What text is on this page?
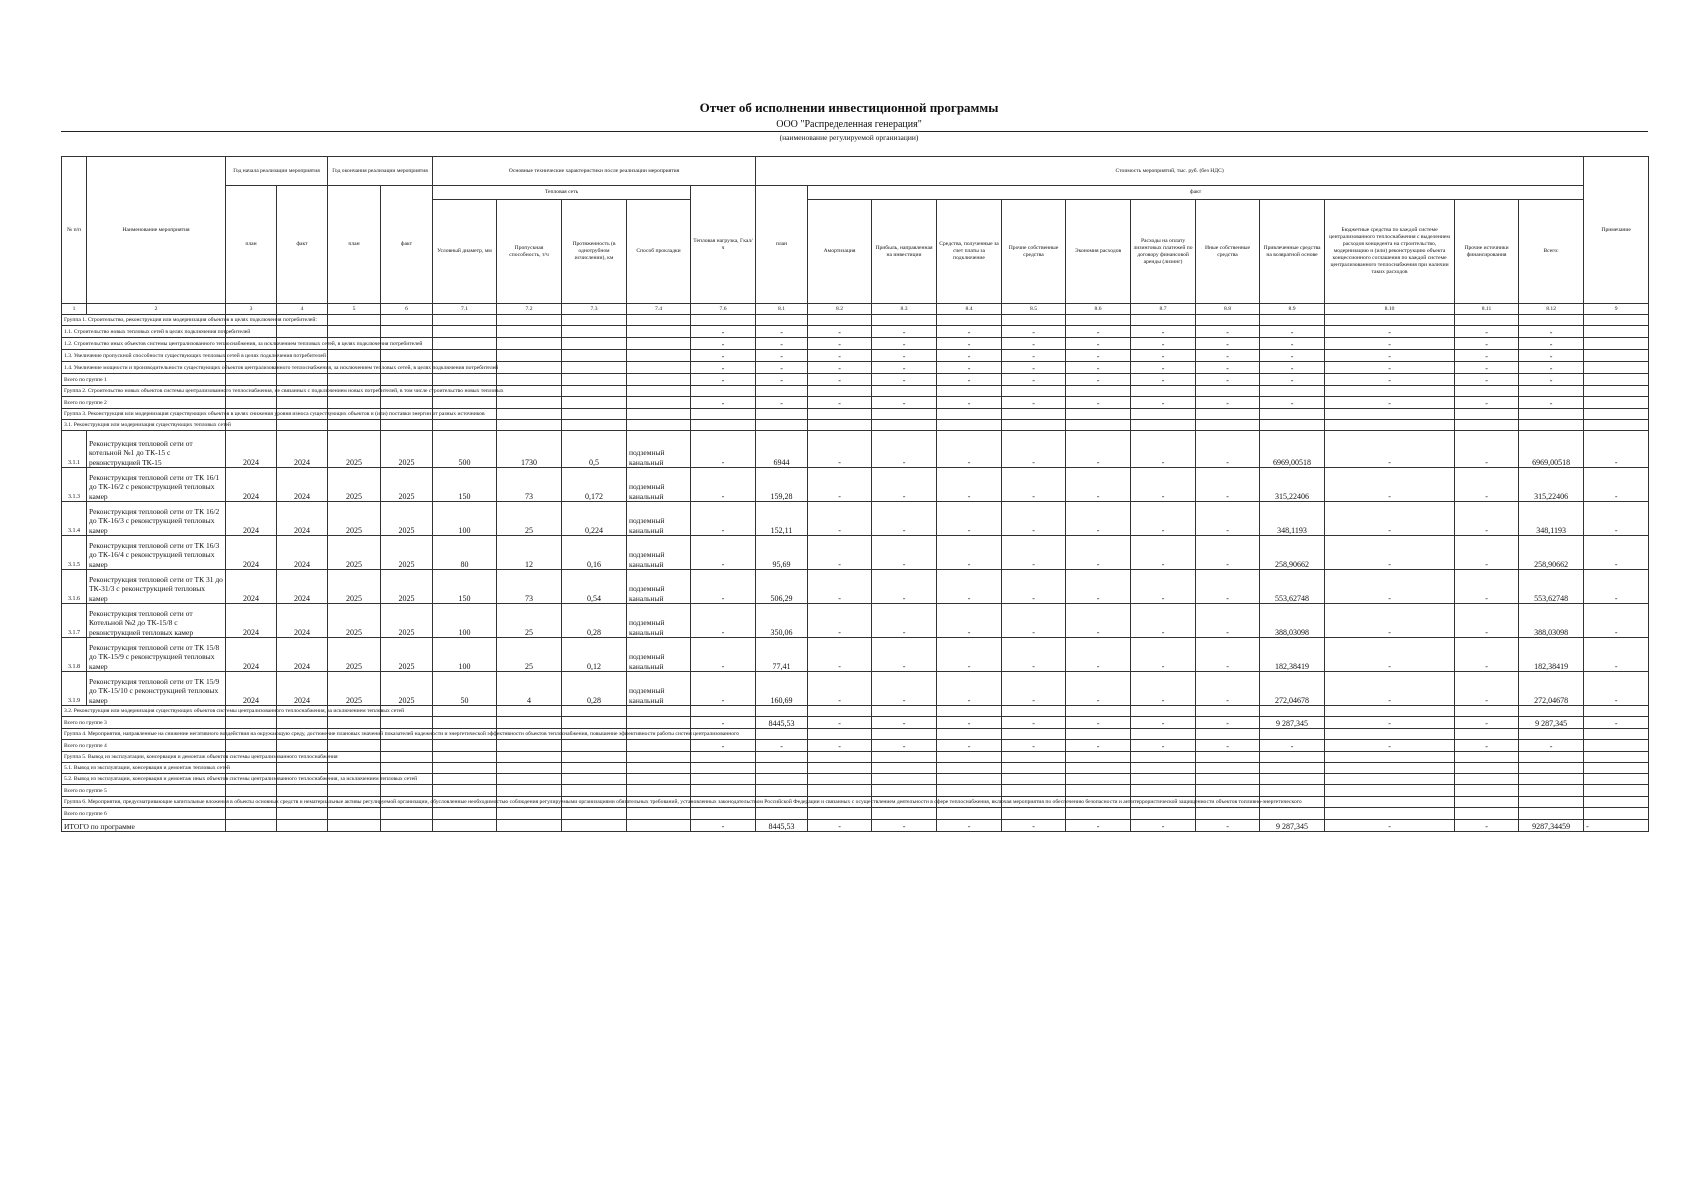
Отчет об исполнении инвестиционной программы
ООО "Распределенная генерация"
(наименование регулируемой организации)
№ п/п	Наименование мероприятия	Год начала реализации мероприятия		Год окончания реализации мероприятия		Основные технические характеристики после реализации мероприятия					Стоимость мероприятий, тыс. руб. (без НДС)												Примечание
		план	факт	план	факт	Тепловая сеть				Тепловая нагрузка, Гкал/ч	план	факт											
						Условный диаметр, мм	Пропускная способность, т/ч	Протяженность (в однотрубном исчислении), км	Способ прокладки			Амортизация	Прибыль, направленная на инвестиции	Средства, полученные за счет платы за подключение	Прочие собственные средства	Экономия расходов	Расходы на оплату лизинговых платежей по договору финансовой аренды (лизинг)	Иные собственные средства	Привлеченные средства на возвратной основе	Бюджетные средства по каждой системе централизованного теплоснабжения с выделением расходов концедента на строительство, модернизацию и (или) реконструкцию объекта концессионного соглашения по каждой системе централизованного теплоснабжения при наличии таких расходов	Прочие источники финансирования	Всего:	
1	2	3	4	5	6	7.1	7.2	7.3	7.4	7.6	8.1	8.2	8.3	8.4	8.5	8.6	8.7	8.8	8.9	8.10	8.11	8.12	9
Группа 1. Строительство, реконструкция или модернизация объектов в целях подключения потребителей:																							
1.1. Строительство новых тепловых сетей в целях подключения потребителей										-	-	-	-	-	-	-	-	-	-	-	-	-	
1.2. Строительство иных объектов системы централизованного теплоснабжения, за исключением тепловых сетей, в целях подключения потребителей										-	-	-	-	-	-	-	-	-	-	-	-	-	
1.3. Увеличение пропускной способности существующих тепловых сетей в целях подключения потребителей										-	-	-	-	-	-	-	-	-	-	-	-	-	
1.4. Увеличение мощности и производительности существующих объектов централизованного теплоснабжения, за исключением тепловых сетей, в целях подключения потребителей										-	-	-	-	-	-	-	-	-	-	-	-	-	
Всего по группе 1										-	-	-	-	-	-	-	-	-	-	-	-	-	
Группа 2. Строительство новых объектов системы централизованного теплоснабжения, не связанных с подключением новых потребителей, в том числе строительство новых тепловых																							
Всего по группе 2										-	-	-	-	-	-	-	-	-	-	-	-	-	
Группа 3. Реконструкция или модернизация существующих объектов в целях снижения уровня износа существующих объектов и (или) поставки энергии от разных источников																							
3.1. Реконструкция или модернизация существующих тепловых сетей																							
3.1.1	Реконструкция тепловой сети от котельной №1 до ТК-15 с реконструкцией ТК-15	2024	2024	2025	2025	500	1730	0,5	подземный канальный	-	6944	-	-	-	-	-	-	-	6969,00518	-	-	6969,00518	-
3.1.3	Реконструкция тепловой сети от ТК 16/1 до ТК-16/2 с реконструкцией тепловых камер	2024	2024	2025	2025	150	73	0,172	подземный канальный	-	159,28	-	-	-	-	-	-	-	315,22406	-	-	315,22406	-
3.1.4	Реконструкция тепловой сети от ТК 16/2 до ТК-16/3 с реконструкцией тепловых камер	2024	2024	2025	2025	100	25	0,224	подземный канальный	-	152,11	-	-	-	-	-	-	-	348,1193	-	-	348,1193	-
3.1.5	Реконструкция тепловой сети от ТК 16/3 до ТК-16/4 с реконструкцией тепловых камер	2024	2024	2025	2025	80	12	0,16	подземный канальный	-	95,69	-	-	-	-	-	-	-	258,90662	-	-	258,90662	-
3.1.6	Реконструкция тепловой сети от ТК 31 до ТК-31/3 с реконструкцией тепловых камер	2024	2024	2025	2025	150	73	0,54	подземный канальный	-	506,29	-	-	-	-	-	-	-	553,62748	-	-	553,62748	-
3.1.7	Реконструкция тепловой сети от Котельной №2 до ТК-15/8 с реконструкцией тепловых камер	2024	2024	2025	2025	100	25	0,28	подземный канальный	-	350,06	-	-	-	-	-	-	-	388,03098	-	-	388,03098	-
3.1.8	Реконструкция тепловой сети от ТК 15/8 до ТК-15/9 с реконструкцией тепловых камер	2024	2024	2025	2025	100	25	0,12	подземный канальный	-	77,41	-	-	-	-	-	-	-	182,38419	-	-	182,38419	-
3.1.9	Реконструкция тепловой сети от ТК 15/9 до ТК-15/10 с реконструкцией тепловых камер	2024	2024	2025	2025	50	4	0,28	подземный канальный	-	160,69	-	-	-	-	-	-	-	272,04678	-	-	272,04678	-
3.2. Реконструкция или модернизация существующих объектов системы централизованного теплоснабжения, за исключением тепловых сетей																							
Всего по группе 3										-	8445,53	-	-	-	-	-	-	-	9 287,345	-	-	9 287,345	-
Группа 4. Мероприятия, направленные на снижение негативного воздействия на окружающую среду, достижение плановых значений показателей надежности и энергетической эффективности объектов теплоснабжения, повышение эффективности работы систем централизованного																							
Всего по группе 4										-	-	-	-	-	-	-	-	-	-	-	-	-	
Группа 5. Вывод из эксплуатации, консервация и демонтаж объектов системы централизованного теплоснабжения																							
5.1. Вывод из эксплуатации, консервация и демонтаж тепловых сетей																							
5.2. Вывод из эксплуатации, консервация и демонтаж иных объектов системы централизованного теплоснабжения, за исключением тепловых сетей																							
Всего по группе 5																							
Группа 6. Мероприятия, предусматривающие капитальные вложения в объекты основных средств и нематериальные активы регулируемой организации, обусловленные необходимостью соблюдения регулируемыми организациями обязательных требований, установленных законодательством Российской Федерации и связанных с осуществлением деятельности в сфере теплоснабжения, включая мероприятия по обеспечению безопасности и антитеррористической защищенности объектов топливно-энергетического																							
Всего по группе 6																							
ИТОГО по программе										-	8445,53	-	-	-	-	-	-	-	9 287,345	-	-	9287,34459	-
